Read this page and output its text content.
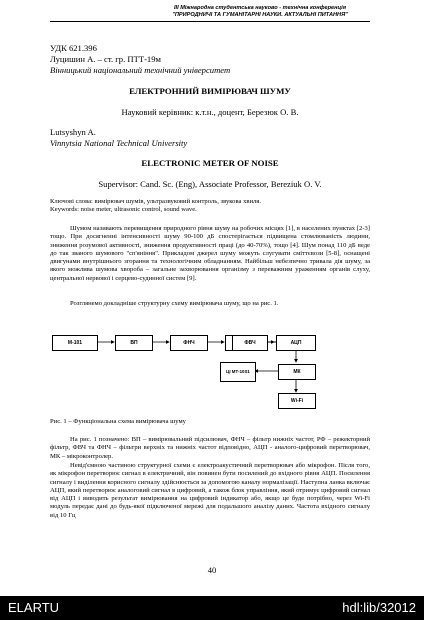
III Міжнародна студентська науково - технічна конференція
"ПРИРОДНИЧІ ТА ГУМАНІТАРНІ НАУКИ. АКТУАЛЬНІ ПИТАННЯ"
УДК 621.396
Луцишин А. – ст. гр. ПТТ-19м
Вінницький національний технічний університет
ЕЛЕКТРОННИЙ ВИМІРЮВАЧ ШУМУ
Науковий керівник: к.т.н., доцент, Березюк О. В.
Lutsyshyn A.
Vinnytsia National Technical University
ELECTRONIC METER OF NOISE
Supervisor: Cand. Sc. (Eng), Associate Professor, Bereziuk O. V.
Ключові слова: вимірювач шумів, ультразвуковий контроль, звукова хвиля.
Keywords: noise meter, ultrasonic control, sound wave.
Шумом називають перевищення природного рівня шуму на робочих місцях [1], в населених пунктах [2-3] тощо. При досягненні інтенсивності шуму 90-100 дБ спостерігається підвищена стомлюваність людини, зниження розумової активності, зниження продуктивності праці (до 40-70%), тощо [4]. Шум понад 110 дБ веде до так званого шумового "сп'яніння". Прикладом джерел шуму можуть слугувати сміттєвози [5-8], оснащені двигунами внутрішнього згорання та технологічним обладнанням. Найбільш небезпечно тривала дія шуму, за якого можлива шумова хвороба – загальне захворювання організму з переважним ураженням органів слуху, центральної нервової і серцево-судинної систем [9].
Розглянемо докладніше структурну схему вимірювача шуму, що на рис. 1.
М-101	ВП	ФНЧ	ФВЧ	АЦП
МК
ЦІ МТ-10S1
Wi-Fi
Рис. 1 – Функціональна схема вимірювача шуму
На рис. 1 позначено: ВП – вимірювальний підсилювач, ФНЧ – фільтр нижніх частот, РФ – режекторний фільтр, ФВЧ та ФНЧ – фільтри верхніх та нижніх частот відповідно, АЦП - аналого-цифровий перетворювач, МК – мікроконтролер.
Невід'ємною частиною структурної схеми є електроакустичний перетворювач або мікрофон. Після того, як мікрофон перетворює сигнал в електричний, він повинен бути посилений до вхідного рівня АЦП. Посилення сигналу і виділення корисного сигналу здійснюється за допомогою каналу нормалізації. Наступна ланка включає АЦП, який перетворює аналоговий сигнал в цифровий, а також блок управління, який отримує цифровий сигнал від АЦП і виводить результат вимірювання на цифровий індикатор або, якщо це буде потрібно, через Wi-Fi модуль передає дані до будь-якої підключеної мережі для подальшого аналізу даних. Частота вхідного сигналу від 10 Гц
40
ELARTU	hdl:lib/32012
